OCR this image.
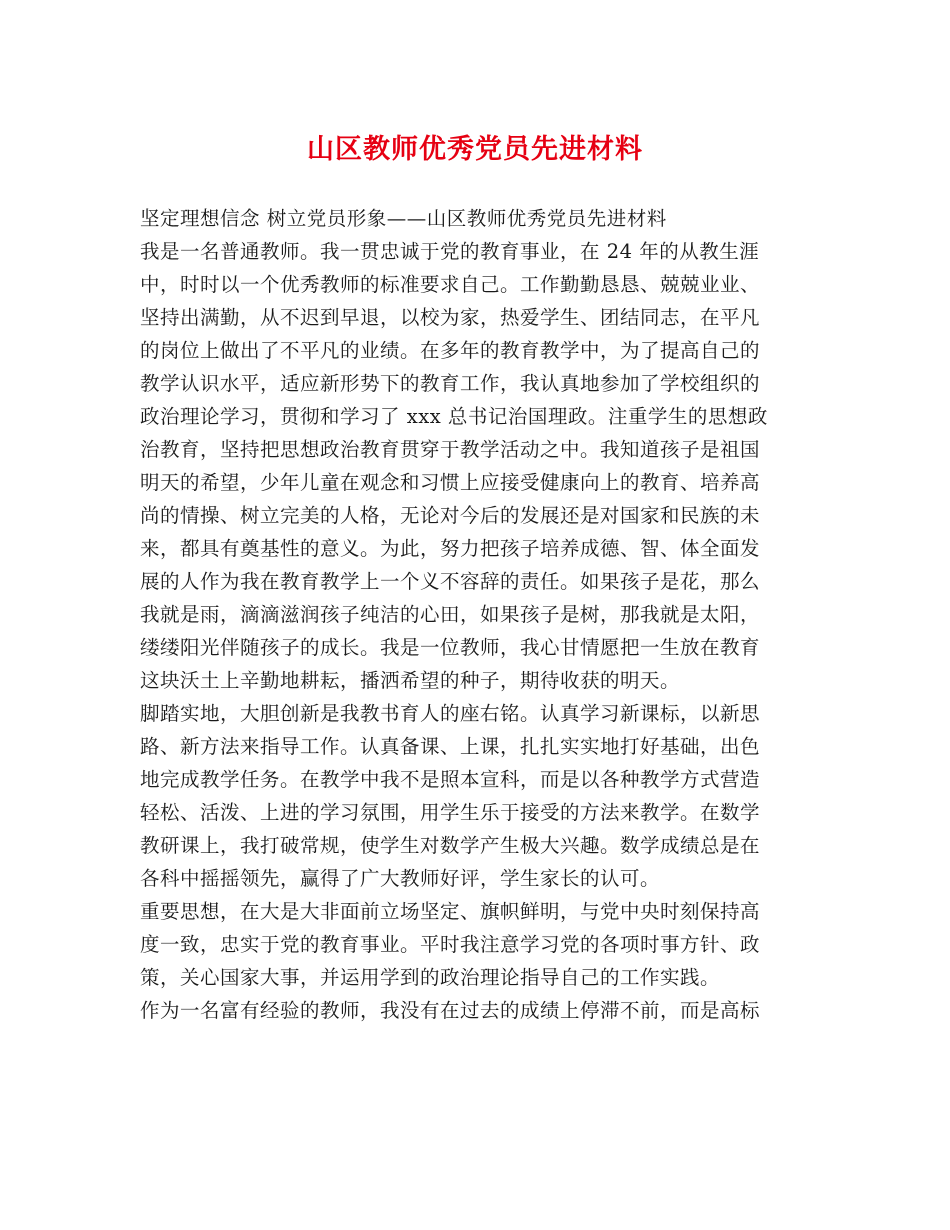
山区教师优秀党员先进材料

坚定理想信念 树立党员形象——山区教师优秀党员先进材料

我是一名普通教师。我一贯忠诚于党的教育事业，在 24 年的从教生涯
中，时时以一个优秀教师的标准要求自己。工作勤勤恳恳、兢兢业业、
坚持出满勤，从不迟到早退，以校为家，热爱学生、团结同志，在平凡
的岗位上做出了不平凡的业绩。在多年的教育教学中，为了提高自己的
教学认识水平，适应新形势下的教育工作，我认真地参加了学校组织的
政治理论学习，贯彻和学习了 xxx 总书记治国理政。注重学生的思想政
治教育，坚持把思想政治教育贯穿于教学活动之中。我知道孩子是祖国
明天的希望，少年儿童在观念和习惯上应接受健康向上的教育、培养高
尚的情操、树立完美的人格，无论对今后的发展还是对国家和民族的未
来，都具有奠基性的意义。为此，努力把孩子培养成德、智、体全面发
展的人作为我在教育教学上一个义不容辞的责任。如果孩子是花，那么
我就是雨，滴滴滋润孩子纯洁的心田，如果孩子是树，那我就是太阳，
缕缕阳光伴随孩子的成长。我是一位教师，我心甘情愿把一生放在教育
这块沃土上辛勤地耕耘，播洒希望的种子，期待收获的明天。

脚踏实地，大胆创新是我教书育人的座右铭。认真学习新课标，以新思
路、新方法来指导工作。认真备课、上课，扎扎实实地打好基础，出色
地完成教学任务。在教学中我不是照本宣科，而是以各种教学方式营造
轻松、活泼、上进的学习氛围，用学生乐于接受的方法来教学。在数学
教研课上，我打破常规，使学生对数学产生极大兴趣。数学成绩总是在
各科中摇摇领先，赢得了广大教师好评，学生家长的认可。

重要思想，在大是大非面前立场坚定、旗帜鲜明，与党中央时刻保持高
度一致，忠实于党的教育事业。平时我注意学习党的各项时事方针、政
策，关心国家大事，并运用学到的政治理论指导自己的工作实践。

作为一名富有经验的教师，我没有在过去的成绩上停滞不前，而是高标
